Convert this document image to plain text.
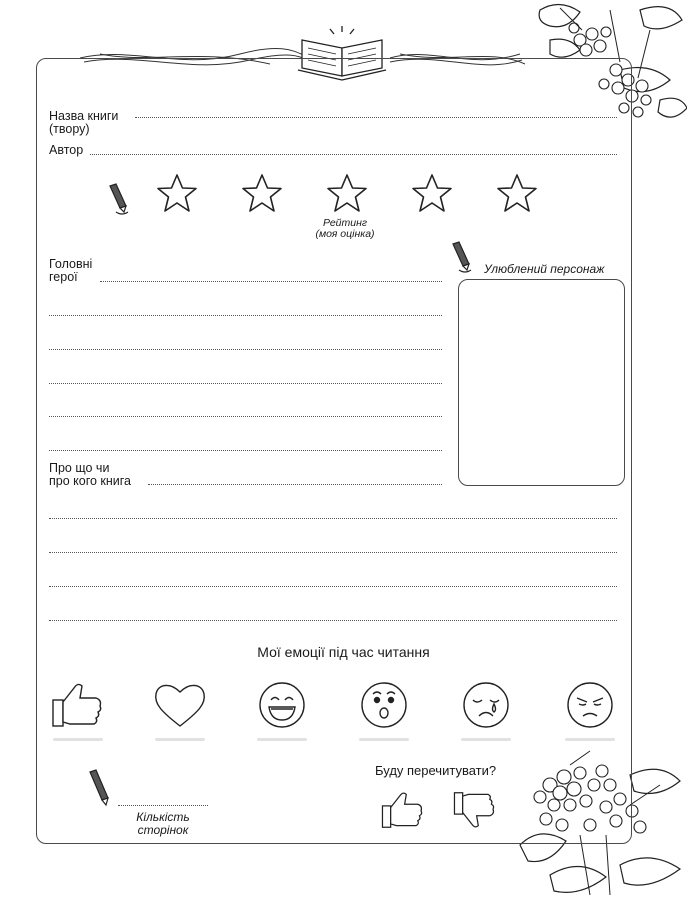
Назва книги
(твору)
Автор
Рейтинг
(моя оцінка)
Головні
герої
Улюблений персонаж
Про що чи
про кого книга
Мої емоції під час читання
Кількість
сторінок
Буду перечитувати?
